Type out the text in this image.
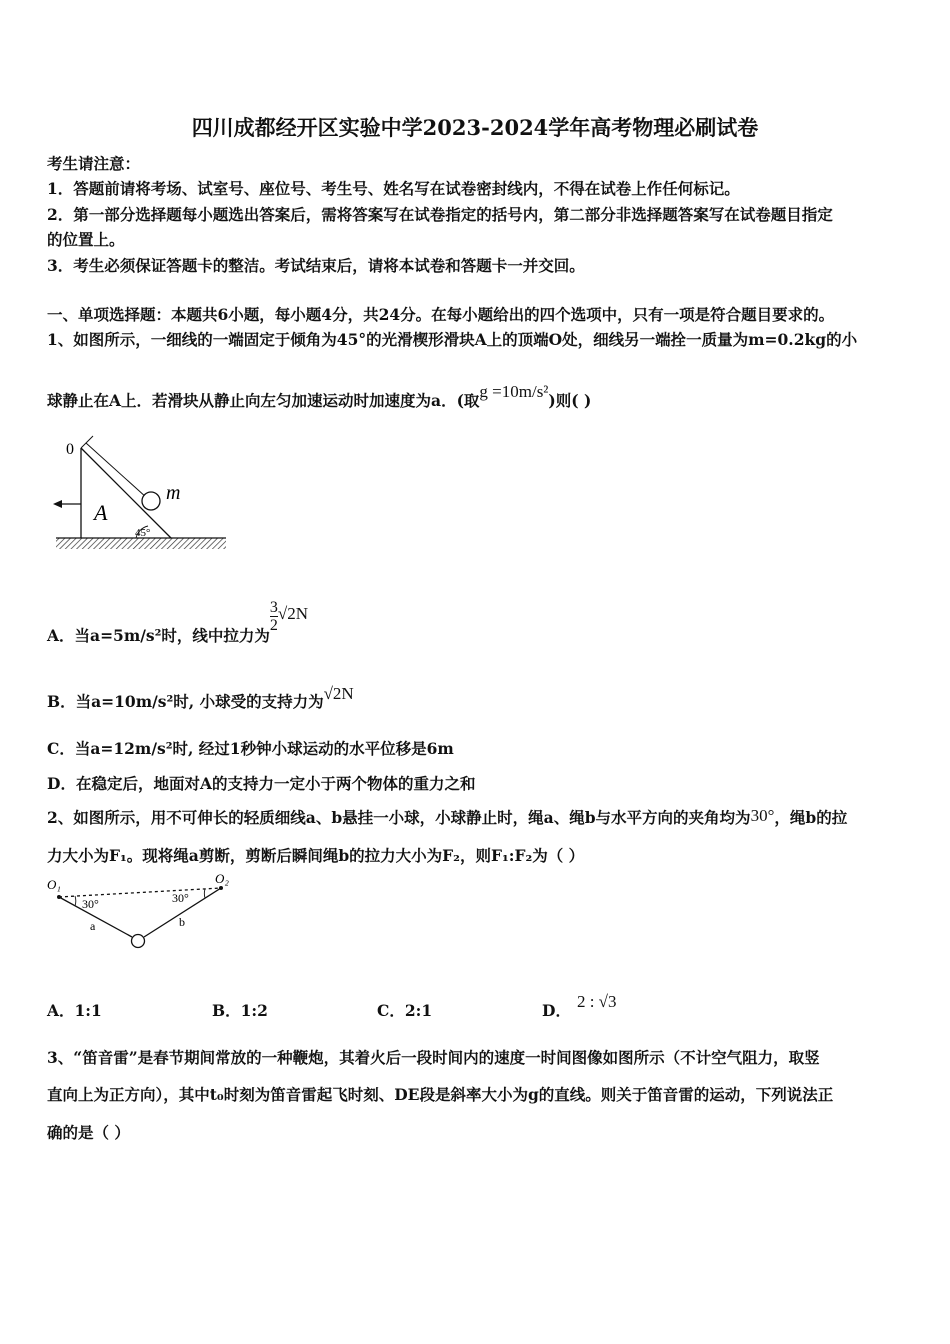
四川成都经开区实验中学2023-2024学年高考物理必刷试卷
考生请注意：
1．答题前请将考场、试室号、座位号、考生号、姓名写在试卷密封线内，不得在试卷上作任何标记。
2．第一部分选择题每小题选出答案后，需将答案写在试卷指定的括号内，第二部分非选择题答案写在试卷题目指定
的位置上。
3．考生必须保证答题卡的整洁。考试结束后，请将本试卷和答题卡一并交回。
一、单项选择题：本题共6小题，每小题4分，共24分。在每小题给出的四个选项中，只有一项是符合题目要求的。
1、如图所示，一细线的一端固定于倾角为45°的光滑楔形滑块A上的顶端O处，细线另一端拴一质量为m=0.2kg的小
球静止在A上．若滑块从静止向左匀加速运动时加速度为a．(取g =10m/s²)则( )
0
m
A
45°
A．当a=5m/s²时，线中拉力为
$\frac{3}{2} √2N$
B．当a=10m/s²时, 小球受的支持力为√2N
C．当a=12m/s²时, 经过1秒钟小球运动的水平位移是6m
D．在稳定后，地面对A的支持力一定小于两个物体的重力之和
2、如图所示，用不可伸长的轻质细线a、b悬挂一小球，小球静止时，绳a、绳b与水平方向的夹角均为30°，绳b的拉
力大小为F₁。现将绳a剪断，剪断后瞬间绳b的拉力大小为F₂，则F₁:F₂为（ ）
O₁	O₂
30°	30°
a	b
A．1:1	B．1:2	C．2:1	D． 2 : √3
3、“笛音雷”是春节期间常放的一种鞭炮，其着火后一段时间内的速度一时间图像如图所示（不计空气阻力，取竖
直向上为正方向），其中t₀时刻为笛音雷起飞时刻、DE段是斜率大小为g的直线。则关于笛音雷的运动，下列说法正
确的是（ ）
